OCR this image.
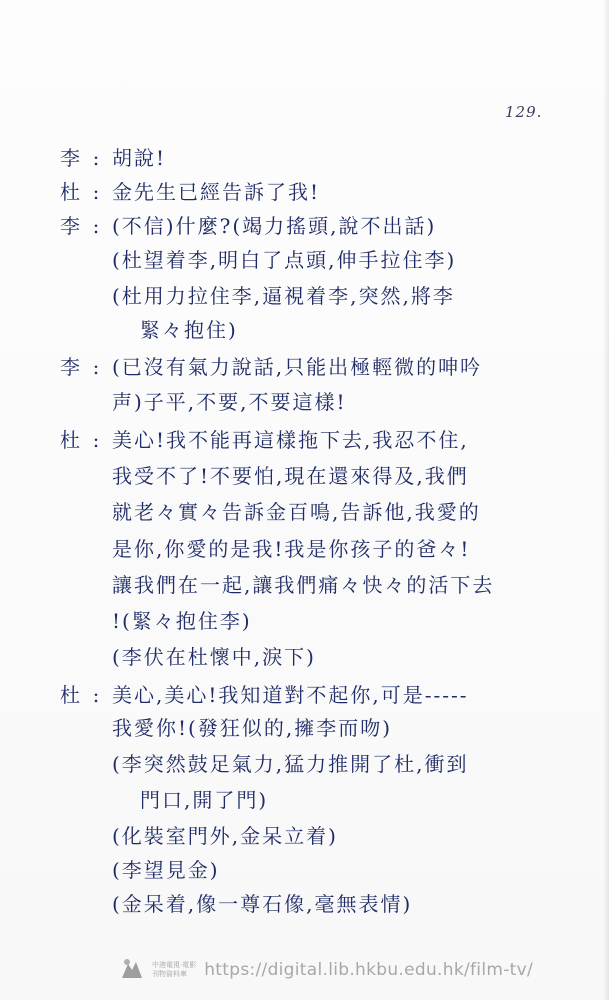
129.
李 : 胡說!
杜 : 金先生已經告訴了我!
李 : (不信)什麼?(竭力搖頭,說不出話)
(杜望着李,明白了点頭,伸手拉住李)
(杜用力拉住李,逼視着李,突然,將李
緊々抱住)
李 : (已沒有氣力說話,只能出極輕微的呻吟
声)子平,不要,不要這樣!
杜 : 美心!我不能再這樣拖下去,我忍不住,
我受不了!不要怕,現在還來得及,我們
就老々實々告訴金百鳴,告訴他,我愛的
是你,你愛的是我!我是你孩子的爸々!
讓我們在一起,讓我們痛々快々的活下去
!(緊々抱住李)
(李伏在杜懷中,淚下)
杜 : 美心,美心!我知道對不起你,可是-----
我愛你!(發狂似的,擁李而吻)
(李突然鼓足氣力,猛力推開了杜,衝到
門口,開了門)
(化裝室門外,金呆立着)
(李望見金)
(金呆着,像一尊石像,毫無表情)
中港電視·電影
刊物資料庫	https://digital.lib.hkbu.edu.hk/film-tv/
